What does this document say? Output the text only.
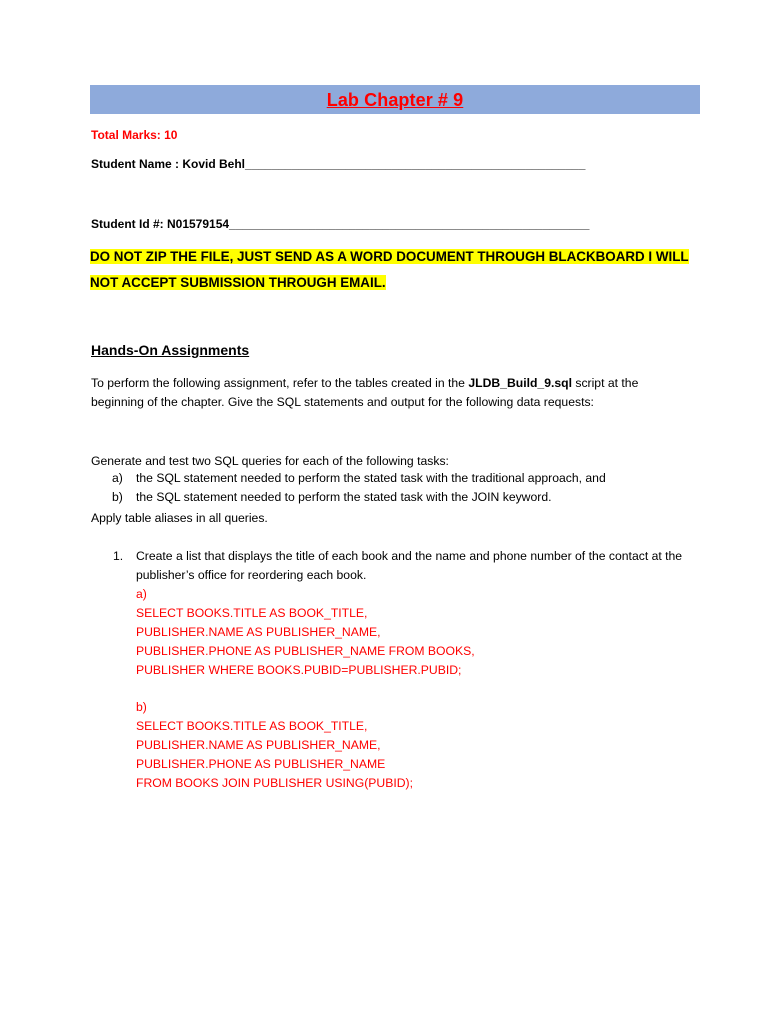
Lab Chapter # 9
Total Marks: 10
Student Name : Kovid Behl___________________________________________________
Student Id #: N01579154______________________________________________________
DO NOT ZIP THE FILE, JUST SEND AS A WORD DOCUMENT THROUGH BLACKBOARD I WILL NOT ACCEPT SUBMISSION THROUGH EMAIL.
Hands-On Assignments
To perform the following assignment, refer to the tables created in the JLDB_Build_9.sql script at the beginning of the chapter. Give the SQL statements and output for the following data requests:
Generate and test two SQL queries for each of the following tasks:
a) the SQL statement needed to perform the stated task with the traditional approach, and
b) the SQL statement needed to perform the stated task with the JOIN keyword.
Apply table aliases in all queries.
1. Create a list that displays the title of each book and the name and phone number of the contact at the publisher’s office for reordering each book.
a)
SELECT BOOKS.TITLE AS BOOK_TITLE,
PUBLISHER.NAME AS PUBLISHER_NAME,
PUBLISHER.PHONE AS PUBLISHER_NAME FROM BOOKS,
PUBLISHER WHERE BOOKS.PUBID=PUBLISHER.PUBID;
b)
SELECT BOOKS.TITLE AS BOOK_TITLE,
PUBLISHER.NAME AS PUBLISHER_NAME,
PUBLISHER.PHONE AS PUBLISHER_NAME
FROM BOOKS JOIN PUBLISHER USING(PUBID);
